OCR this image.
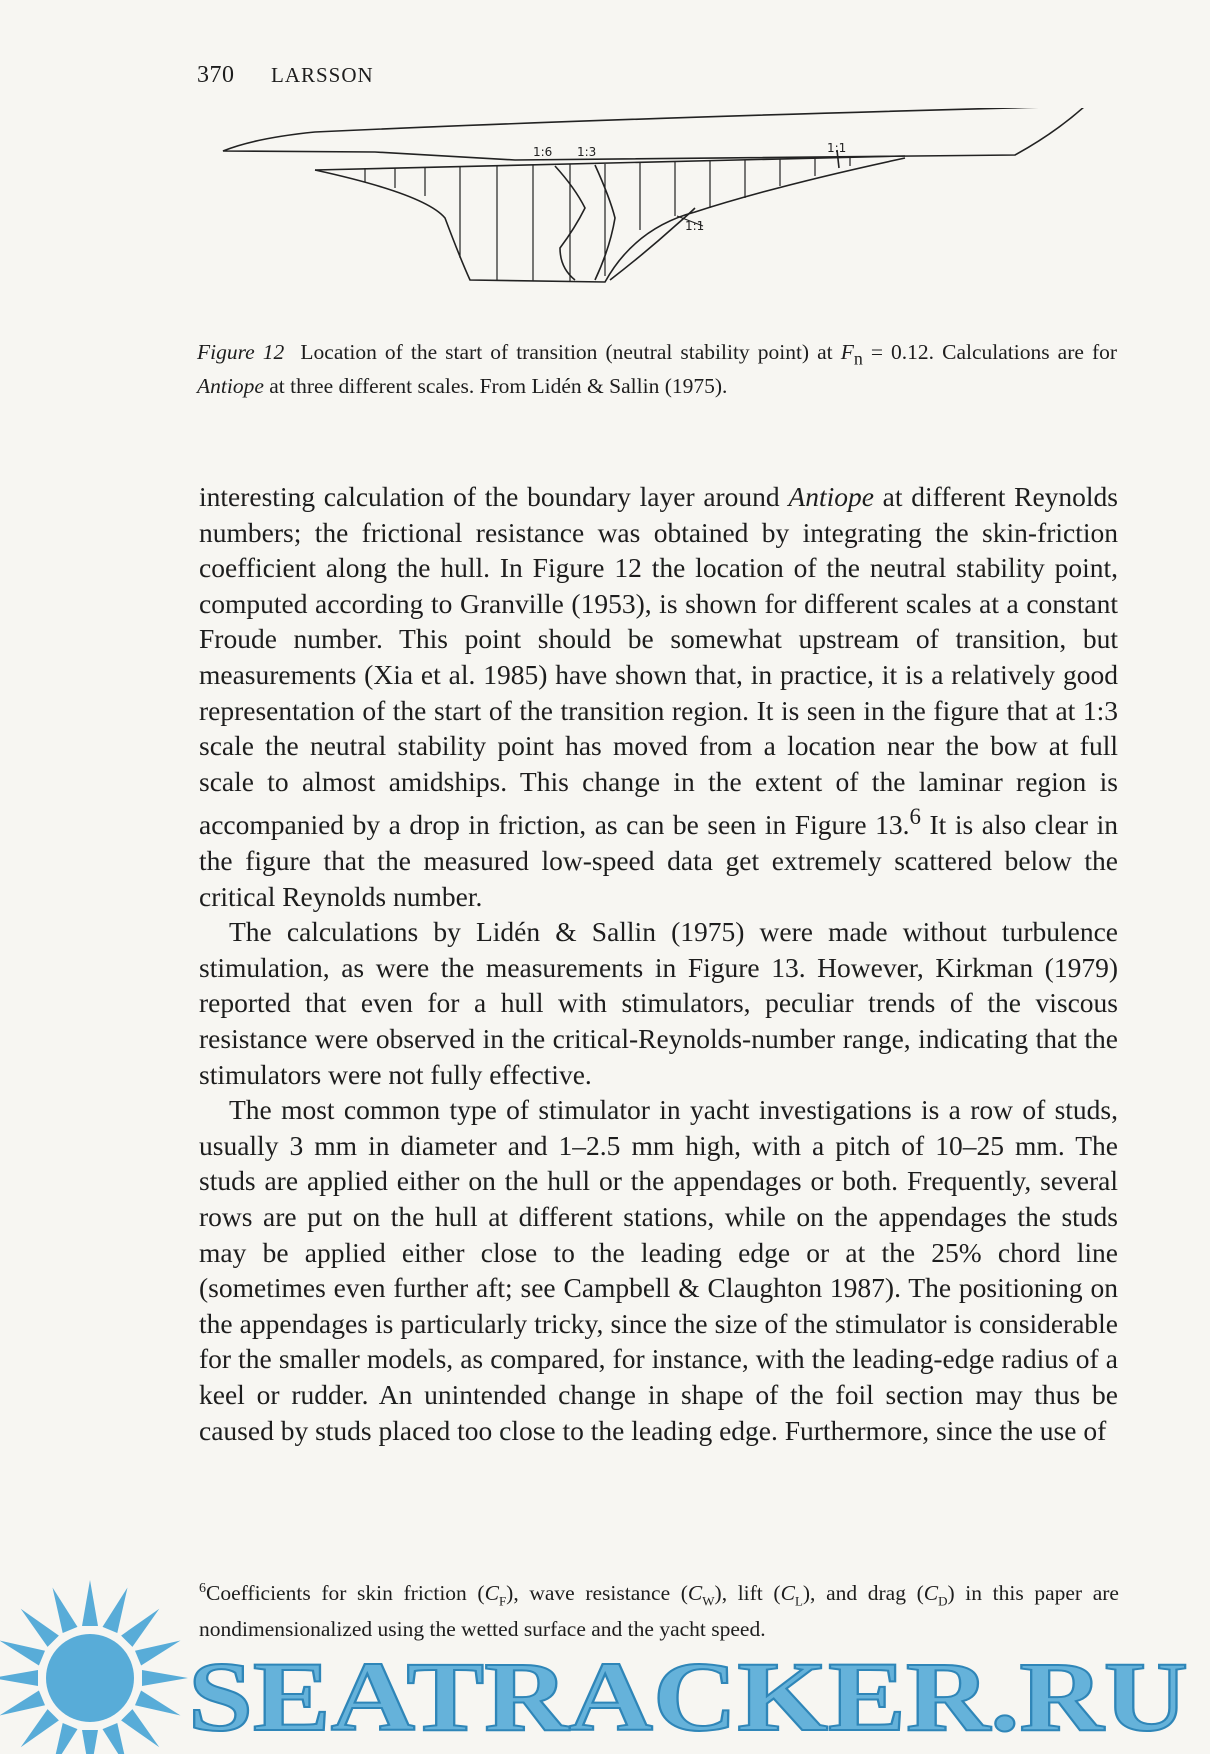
370 LARSSON
1:6 1:3	1:1
1:1
Figure 12 Location of the start of transition (neutral stability point) at $F_n = 0.12$. Calculations are for Antiope at three different scales. From Lidén & Sallin (1975).

interesting calculation of the boundary layer around Antiope at different Reynolds numbers; the frictional resistance was obtained by integrating the skin-friction coefficient along the hull. In Figure 12 the location of the neutral stability point, computed according to Granville (1953), is shown for different scales at a constant Froude number. This point should be somewhat upstream of transition, but measurements (Xia et al. 1985) have shown that, in practice, it is a relatively good representation of the start of the transition region. It is seen in the figure that at 1:3 scale the neutral stability point has moved from a location near the bow at full scale to almost amidships. This change in the extent of the laminar region is accompanied by a drop in friction, as can be seen in Figure 13.$^6$ It is also clear in the figure that the measured low-speed data get extremely scattered below the critical Reynolds number.

The calculations by Lidén & Sallin (1975) were made without turbulence stimulation, as were the measurements in Figure 13. However, Kirkman (1979) reported that even for a hull with stimulators, peculiar trends of the viscous resistance were observed in the critical-Reynolds-number range, indicating that the stimulators were not fully effective.

The most common type of stimulator in yacht investigations is a row of studs, usually 3 mm in diameter and 1–2.5 mm high, with a pitch of 10–25 mm. The studs are applied either on the hull or the appendages or both. Frequently, several rows are put on the hull at different stations, while on the appendages the studs may be applied either close to the leading edge or at the 25% chord line (sometimes even further aft; see Campbell & Claughton 1987). The positioning on the appendages is particularly tricky, since the size of the stimulator is considerable for the smaller models, as compared, for instance, with the leading-edge radius of a keel or rudder. An unintended change in shape of the foil section may thus be caused by studs placed too close to the leading edge. Furthermore, since the use of

$^6$Coefficients for skin friction $(C_F)$, wave resistance $(C_W)$, lift $(C_L)$, and drag $(C_D)$ in this paper are nondimensionalized using the wetted surface and the yacht speed.
SEATRACKER.RU
